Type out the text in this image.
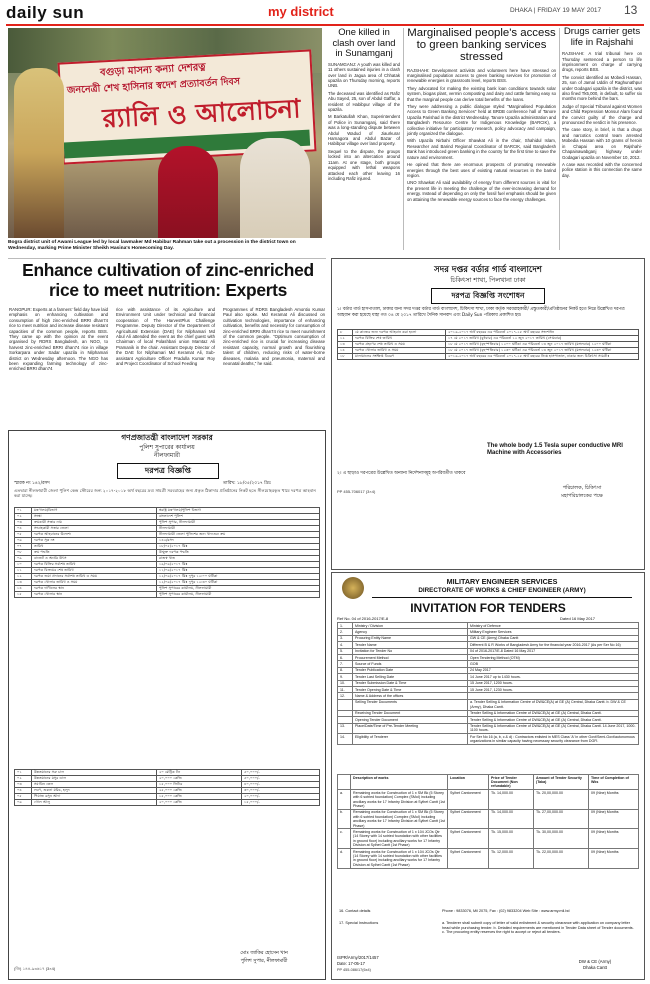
daily sun	my district	DHAKA | FRIDAY 19 MAY 2017 13
বগুড়া মাসন্য কন্যা দেশরত্ন
জননেত্রী শেখ হাসিনার স্বদেশ প্রত্যাবর্তন দিবস
র‍্যালি ও আলোচনা
Bogra district unit of Awami League led by local lawmaker Md Habibur Rahman take out a procession in the district town on Wednesday, marking Prime Minister Sheikh Hasina's Homecoming Day.
One killed in clash over land in Sunamganj

SUNAMGANJ: A youth was killed and 11 others sustained injuries in a clash over land in Jagua area of Chhatak upazila on Thursday morning, reports UNB.

The deceased was identified as Rafiz Abu Sayed, 25, son of Abdul Gaffar, a resident of Habibpur village of the upazila.

M Barkatullah Khan, Superintendent of Police in Sunamganj, said there was a long-standing dispute between Abdul Wadud of Jiaurkurar Harnagora and Abdul Bazar of Habibpur village over land property.

Sequel to the dispute, the groups locked into an altercation around 11am. At one stage, both groups equipped with lethal weapons attacked each other leaving 16 including Rafiz injured.

Marginalised people's access to green banking services stressed

RAJSHAHI: Development activists and volunteers here have stressed on marginalised population access to green banking services for promotion of renewable energies in grassroots level, reports BSS.

They advocated for making the existing bank loan conditions towards solar system, biogas plant, vermin composting and dairy and cattle farming easy so that the marginal people can derive total benefits of the loans.

They were addressing a public dialogue styled "Marginalised Population Access to Green Banking Services" held at BRDB conference hall of Tanore Upazila Parishad in the district Wednesday. Tanore Upazila administration and Bangladesh Resource Centre for Indigenous Knowledge (BARCIK), a collective initiative for participatory research, policy advocacy and campaign, jointly organized the dialogue.

With Upazila Nirbahi Officer Shawkat Ali in the chair, Shahidul Islam, Researcher and Barind Regional Coordinator of BARCIK, said Bangladesh Bank has introduced green banking in the country for the first time to save the nature and environment.

He opined that there are enormous prospects of promoting renewable energies through the best uses of existing natural resources in the barind region.

UNO Shawkat Ali said availability of energy from different sources is vital for the present life in meeting the challenge of the ever-increasing demand for energy. Instead of depending on only the fossil fuel emphasis should be given on attaining the renewable energy sources to face the energy challenges.

Drugs carrier gets life in Rajshahi

RAJSHAHI: A trial tribunal here on Thursday sentenced a person to life imprisonment on charge of carrying drugs, reports BSS.

The convict identified as Mobedi Hassan, 25, son of Jamal Uddin of Raghunathpur under Godagari upazila in the district, was also fined Tk5,000, in default, to suffer six months more behind the bars.

Judge of Special Tribunal against Women and Child Repression Monsur Alam found the convict guilty of the charge and pronounced the verdict in his presence.

The case story, in brief, is that a drugs and narcotics control team arrested Mobedia Hassan with 10 grams of heroin in Chapai area on Rajshahi-Chapainawabganj highway under Godagari upazila on November 10, 2012.

A case was recorded with the concerned police station in this connection the same day.

Enhance cultivation of zinc-enriched rice to meet nutrition: Experts
RANGPUR: Experts at a farmers' field day have laid emphasis on enhancing cultivation and consumption of high zinc-enriched BRRI dhan74 rice to meet nutrition and increase disease resistant capacities of the common people, reports BSS. They came up with the opinion at the event organised by RDRS Bangladesh, an NGO, to harvest zinc-enriched BRRI dhan74 rice in village Sorkarpara under Sadar upazila in Nilphamari district on Wednesday afternoon. The NGO has been expanding farming technology of zinc-enriched BRRI dhan74
rice with assistance of its Agriculture and Environment Unit under technical and financial cooperation of The HarvestPlus Challenge Programme. Deputy Director of the Department of Agricultural Extension (DAE) for Nilphamari Md Abul Ali attended the event as the chief guest with Chairman of local Polashbari union Mamtaz Ali Pramanik in the chair. Assistant Deputy Director of the DAE for Nilphamari Md Keramat Ali, Sub-assistant Agriculture Officer Pradulla Kumar Roy and Project Coordinator of School Feeding
Programmes of RDRS Bangladesh Amontio Kumar Paul also spoke. Md Keramat Ali discussed on cultivation technologies, importance of enhancing cultivation, benefits and necessity for consumption of zinc-enriched BRRI dhan74 rice to meet nourishment of the common people. "Optimum consumption of zinc-enriched rice is crucial for increasing disease resistant capacity, normal growth and flourishing talent of children, reducing risks of water-borne diseases, malaria and pneumonia, maternal and neonatal deaths," he said.
সদর দপ্তর বর্ডার গার্ড বাংলাদেশ
চিকিৎসা শাখা, পিলখানা ঢাকা
দরপত্র বিজ্ঞপ্তি সংশোধন
১। বর্ডার গার্ড হাসপাতাল, ঢাকার জন্য সদর দপ্তর বর্ডার গার্ড বাংলাদেশ, চিকিৎসা শাখা, ঢাকা কর্তৃক সরবরাহকারী/ প্রস্তুতকারী/প্রতিষ্ঠানের নিকট হতে নিম্নে উল্লেখিত দরপত্র আহবান করা হয়েছে যাহা গত ০৪ মে ২০১৭ তারিখে দৈনিক সানবাদ এবং Daily Sun পত্রিকায় প্রকাশিত হয়।
৮	যে কাজের জন্য দরপত্র আহবান করা হলো	২০১৬-২০১৭ অর্থ বছরের এর পরিবর্তে ২০১৭-১৮ অর্থ বছরের সংশোধন
১২	দরপত্র বিক্রির শেষ তারিখ	১৭ মে ২০১৭ তারিখ (বুধবার) এর পরিবর্তে ১২ জুন ২০১৭ তারিখ (সোমবার)
১৩	দরপত্র গ্রহণের শেষ তারিখ ও সময়	১৮ মে ২০১৭ তারিখ (বৃহস্পতিবার) ১২০০ ঘটিকা এর পরিবর্তে ১৩ জুন ২০১৭ তারিখ (মঙ্গলবার) ১২০০ ঘটিকা
১৪	দরপত্র খোলার তারিখ ও সময়	১৮ মে ২০১৭ তারিখ (বৃহস্পতিবার) ১২৩০ ঘটিকা এর পরিবর্তে ১৩ জুন ২০১৭ তারিখ (মঙ্গলবার) ১২৩০ ঘটিকা
১৮	মালামালের সংক্ষিপ্ত বিবরণ	২০১৬-২০১৭ অর্থ বছরের এর পরিবর্তে ২০১৭-১৮ অর্থ বছরের নিম্নে হাসপাতাল, ঢাকার জন্য চিকিৎসা সামগ্রীঃ
The whole body 1.5 Tesla super conductive MRI Machine with Accessories
২। এ ছাড়াও দরপত্রের উল্লেখিত অন্যান্য নির্দেশনাসমূহ অপরিবর্তীত থাকবে
পরিচালক, চিকিৎসা
মহাপরিচালকের পক্ষে
PP 455-706017 (3×4)
গণপ্রজাতন্ত্রী বাংলাদেশ সরকার
পুলিশ সুপারের কার্যালয়
নীলফামারী
দরপত্র বিজ্ঞপ্তি
স্মারক নং ১৪২/রসদ	তারিখ: ১৮/০৫/২০১৭ খ্রিঃ
এতদ্বারা নীলফামারী জেলা পুলিশ কেন্দ্র স্টোরের জন্য ২০১৭-২০১৮ অর্থ বছরের দ্রব্য সামগ্রী সরবরাহের জন্য প্রকৃত ঠিকাদার প্রতিষ্ঠানের নিকট হতে সীলমোহরকৃত খামে দরপত্র আহবান করা যাচ্ছে।
০১	মন্ত্রণালয়/বিভাগ	স্বরাষ্ট্র মন্ত্রণালয়/পুলিশ বিভাগ
০২	সংস্থা	বাংলাদেশ পুলিশ
০৩	ক্রয়কারী সত্তার নাম	পুলিশ সুপার, নীলফামারী
০৪	সংগ্রহকারী সত্তার জেলা	নীলফামারী
০৫	দরপত্র আহবানের উদ্দেশ্য	নীলফামারী জেলা পুলিশের জন্য খাদ্যদ্রব্য ক্রয়
০৬	দরপত্র সূত্র নং	১৪২/রসদ
০৭	তারিখ	১৮/০৫/২০১৭ খ্রিঃ
০৮	ক্রয় পদ্ধতি	উন্মুক্ত দরপত্র পদ্ধতি
০৯	বাজেট ও অর্থের উৎস	রাজস্ব খাত
১০	দরপত্র বিক্রির সর্বশেষ তারিখ	১৯/০৬/২০১৭ খ্রিঃ
১১	দরপত্র বিক্রয়ের শেষ তারিখ	১১/০৬/২০১৭ খ্রিঃ
১২	দরপত্র জমা প্রদানের সর্বশেষ তারিখ ও সময়	১২/০৬/২০১৭ খ্রিঃ দুপুর ১২:০০ ঘটিকা
১৩	দরপত্র খোলার তারিখ ও সময়	১২/০৬/২০১৭ খ্রিঃ দুপুর ১২:৩০ ঘটিকা
১৪	দরপত্র দাখিলের স্থান	পুলিশ সুপারের কার্যালয়, নীলফামারী
১৫	দরপত্র খোলার স্থান	পুলিশ সুপারের কার্যালয়, নীলফামারী
০১	উন্নতমানের সরু চাল	২০ মেট্রিক টন	৫০,০০০/-
০২	উন্নতমানের মসুর ডাল	২০,০০০ কেজি	৫০,০০০/-
০৩	সয়াবিন তেল	১৫,০০০ লিটার	৪০,০০০/-
০৪	লবণ, শুকনা মরিচ, হলুদ	২৫,০০০ কেজি	৩০,০০০/-
০৫	পিয়াজ রসুন আদা	১৫,০০০ কেজি	২০,০০০/-
০৬	গোল আলু	২০,০০০ কেজি	১৫,০০০/-
মোঃ জাকির হোসেন খান
পুলিশ সুপার, নীলফামারী
(জি) ১৪৪-৯৩৬১৭ (3×4)
MILITARY ENGINEER SERVICES
DIRECTORATE OF WORKS & CHIEF ENGINEER (ARMY)
INVITATION FOR TENDERS
Ref No. 04 of 2016-2017/E-8	Dated 16 May 2017
1.	Ministry / Division	Ministry of Defence
2.	Agency	Military Engineer Services
3.	Procuring Entity Name	GW & CE (Army) Dhaka Cantt
4.	Tender Name	Different B & R Works of Bangladesh Army for the financial year 2016-2017 (As per Ser No 16)
5.	Invitation for Tender No	04 of 2016-2017/E-8 Dated 16 May 2017
6.	Procurement Method	Open Tendering Method (OTM)
7.	Source of Funds	GOB
8.	Tender Publication Date	24 May 2017
9.	Tender Last Selling Date	14 June 2017 up to 1430 hours.
10.	Tender Submission Date & Time	15 June 2017, 1200 hours.
11.	Tender Opening Date & Time	15 June 2017, 1230 hours.
12.	Name & Address of the offices	
	Selling Tender Documents	a. Tender Selling & Information Centre of DW&CE(A) at GE (A) Central, Dhaka Cantt. b. DW & CE (Army), Dhaka Cantt.
	Receiving Tender Document	Tender Selling & Information Centre of DW&CE(A) at GE (A) Central, Dhaka Cantt.
	Opening Tender Document	Tender Selling & Information Centre of DW&CE(A) at GE (A) Central, Dhaka Cantt.
13.	Place/Date/Time of Pre-Tender Meeting	Tender Selling & Information Centre of DW&CE(A) at GE (A) Central, Dhaka Cantt. 14 June 2017, 1000-1100 hours.
14.	Eligibility of Tenderer	For Ser No 16 (a, b, c & d) : Contractors enlisted in MES Class 'A' in other Govt/Semi-Govt/autonomous organizations in similar capacity having necessary security clearance from DGFI.
	Description of works	Location	Price of Tender Document (Non refundable)	Amount of Tender Security (Taka)	Time of Completion of Wks
a.	Remaining works for Construction of 1 x SM Bk (5 Storey with 6 sotried foundation) Complex (SMoI) including ancillary works for 17 Infantry Division at Sylhet Cantt (1st Phase)	Sylhet Cantonment	Tk. 14,000.00	Tk. 20,00,000.00	09 (Nine) Months
b.	Remaining works for Construction of 1 x SM Bk (5 Storey with 6 sotried foundation) Complex (SMoI) including ancillary works for 17 Infantry Division at Sylhet Cantt (1st Phase)	Sylhet Cantonment	Tk. 14,000.00	Tk. 27,00,000.00	09 (Nine) Months
c.	Remaining works for Construction of 1 x 104 JCOs Qtr (14 Storey with 14 sotried foundation with other facilities in ground floor) including ancillary works for 17 Infantry Division at Sylhet Cantt (1st Phase)	Sylhet Cantonment	Tk. 15,000.00	Tk. 30,00,000.00	09 (Nine) Months
d.	Remaining works for Construction of 1 x 104 JCOs Qtr (14 Storey with 14 sotried foundation with other facilities in ground floor) including ancillary works for 17 Infantry Division at Sylhet Cantt (1st Phase)	Sylhet Cantonment	Tk. 12,000.00	Tk. 22,00,000.00	09 (Nine) Months
16. Contact details	Phone : 9833076, Mil 2075, Fax : (02) 9833204 Web Site : www.army.mil.bd
17. Special Instructions	a. Tenderer shall submit copy of letter of valid enlistment & security clearance with application on company letter head while purchasing tender. b. Detailed requirements are mentioned in Tender Data sheet of Tender documents. c. The procuring entity reserves the right to accept or reject all tenders.
ISPR/Army/2017/1457
Date: 17-05-17
PP 455-086/17(6x4)
DW & CE (Army)
Dhaka Cantt
